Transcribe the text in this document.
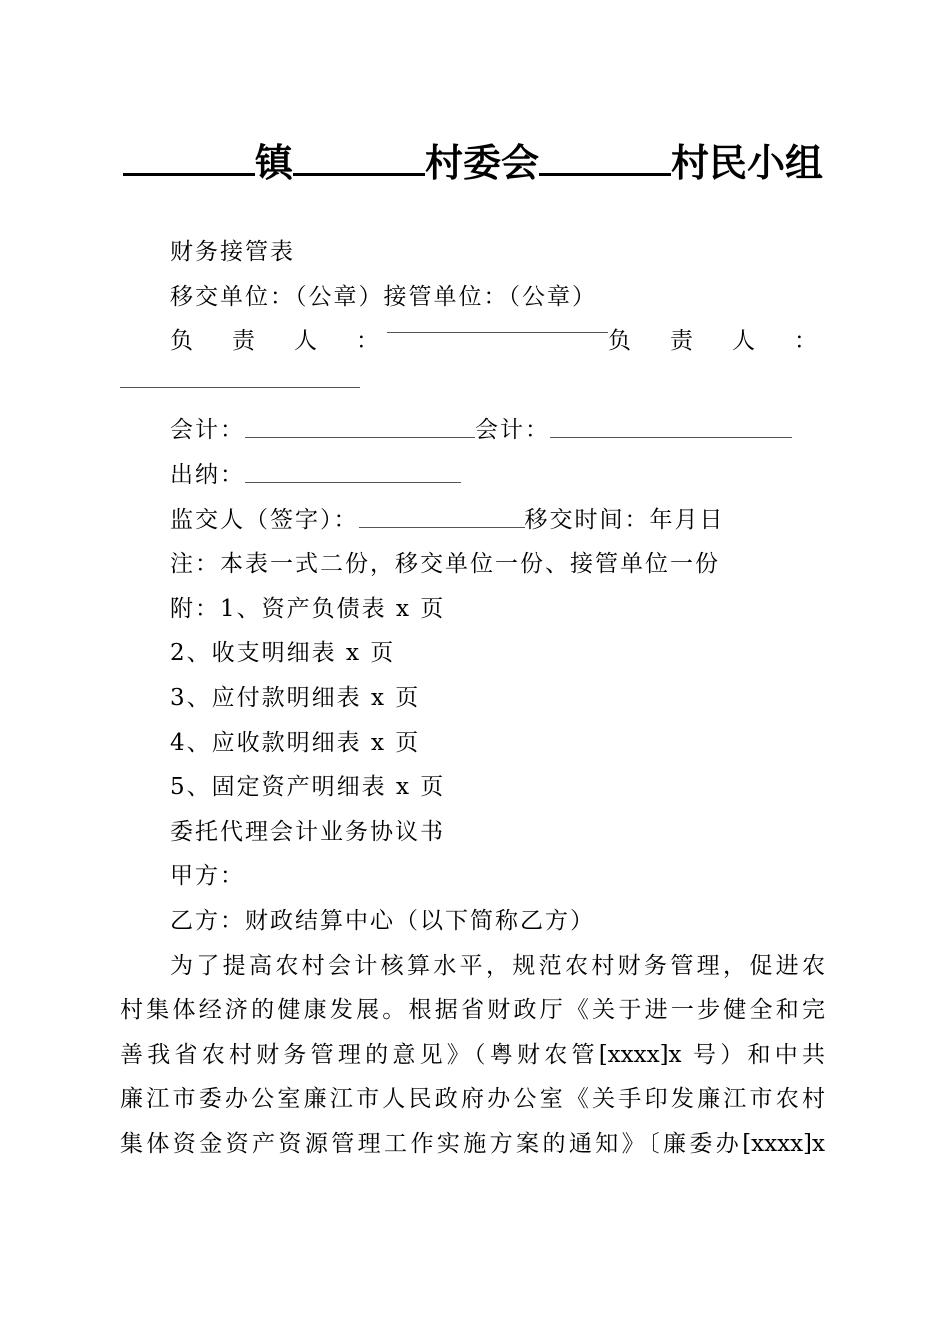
镇	村委会	村民小组
财务接管表
移交单位：（公章）接管单位：（公章）
负　责　人　：	负　责　人　：
会计：	会计：
出纳：
监交人（签字）：	移交时间：年月日
注：本表一式二份，移交单位一份、接管单位一份
附：1、资产负债表 x 页
2、收支明细表 x 页
3、应付款明细表 x 页
4、应收款明细表 x 页
5、固定资产明细表 x 页
委托代理会计业务协议书
甲方：
乙方：财政结算中心（以下简称乙方）
为了提高农村会计核算水平，规范农村财务管理，促进农
村集体经济的健康发展。根据省财政厅《关于进一步健全和完
善我省农村财务管理的意见》（粤财农管[xxxx]x 号）和中共
廉江市委办公室廉江市人民政府办公室《关手印发廉江市农村
集体资金资产资源管理工作实施方案的通知》〔廉委办[xxxx]x
